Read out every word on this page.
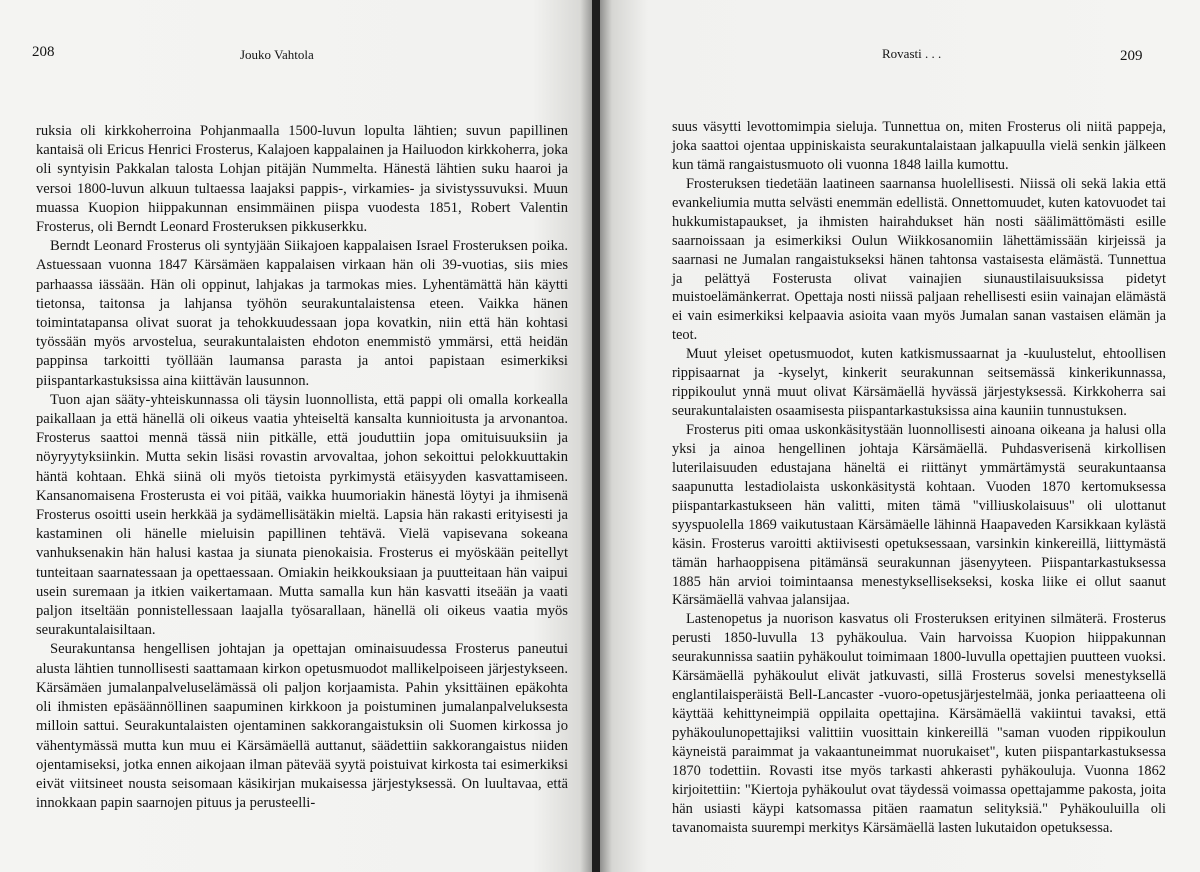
208	Jouko Vahtola

ruksia oli kirkkoherroina Pohjanmaalla 1500-luvun lopulta lähtien; suvun papillinen kantaisä oli Ericus Henrici Frosterus, Kalajoen kappalainen ja Hailuodon kirkkoherra, joka oli syntyisin Pakkalan talosta Lohjan pitäjän Nummelta. Hänestä lähtien suku haaroi ja versoi 1800-luvun alkuun tultaessa laajaksi pappis-, virkamies- ja sivistyssuvuksi. Muun muassa Kuopion hiippakunnan ensimmäinen piispa vuodesta 1851, Robert Valentin Frosterus, oli Berndt Leonard Frosteruksen pikkuserkku.

Berndt Leonard Frosterus oli syntyjään Siikajoen kappalaisen Israel Frosteruksen poika. Astuessaan vuonna 1847 Kärsämäen kappalaisen virkaan hän oli 39-vuotias, siis mies parhaassa iässään. Hän oli oppinut, lahjakas ja tarmokas mies. Lyhentämättä hän käytti tietonsa, taitonsa ja lahjansa työhön seurakuntalaistensa eteen. Vaikka hänen toimintatapansa olivat suorat ja tehokkuudessaan jopa kovatkin, niin että hän kohtasi työssään myös arvostelua, seurakuntalaisten ehdoton enemmistö ymmärsi, että heidän pappinsa tarkoitti työllään laumansa parasta ja antoi papistaan esimerkiksi piispantarkastuksissa aina kiittävän lausunnon.

Tuon ajan sääty-yhteiskunnassa oli täysin luonnollista, että pappi oli omalla korkealla paikallaan ja että hänellä oli oikeus vaatia yhteiseltä kansalta kunnioitusta ja arvonantoa. Frosterus saattoi mennä tässä niin pitkälle, että jouduttiin jopa omituisuuksiin ja nöyryytyksiinkin. Mutta sekin lisäsi rovastin arvovaltaa, johon sekoittui pelokkuuttakin häntä kohtaan. Ehkä siinä oli myös tietoista pyrkimystä etäisyyden kasvattamiseen. Kansanomaisena Frosterusta ei voi pitää, vaikka huumoriakin hänestä löytyi ja ihmisenä Frosterus osoitti usein herkkää ja sydämellisätäkin mieltä. Lapsia hän rakasti erityisesti ja kastaminen oli hänelle mieluisin papillinen tehtävä. Vielä vapisevana sokeana vanhuksenakin hän halusi kastaa ja siunata pienokaisia. Frosterus ei myöskään peitellyt tunteitaan saarnatessaan ja opettaessaan. Omiakin heikkouksiaan ja puutteitaan hän vaipui usein suremaan ja itkien vaikertamaan. Mutta samalla kun hän kasvatti itseään ja vaati paljon itseltään ponnistellessaan laajalla työsarallaan, hänellä oli oikeus vaatia myös seurakuntalaisiltaan.

Seurakuntansa hengellisen johtajan ja opettajan ominaisuudessa Frosterus paneutui alusta lähtien tunnollisesti saattamaan kirkon opetusmuodot mallikelpoiseen järjestykseen. Kärsämäen jumalanpalveluselämässä oli paljon korjaamista. Pahin yksittäinen epäkohta oli ihmisten epäsäännöllinen saapuminen kirkkoon ja poistuminen jumalanpalveluksesta milloin sattui. Seurakuntalaisten ojentaminen sakkorangaistuksin oli Suomen kirkossa jo vähentymässä mutta kun muu ei Kärsämäellä auttanut, säädettiin sakkorangaistus niiden ojentamiseksi, jotka ennen aikojaan ilman pätevää syytä poistuivat kirkosta tai esimerkiksi eivät viitsineet nousta seisomaan käsikirjan mukaisessa järjestyksessä. On luultavaa, että innokkaan papin saarnojen pituus ja perusteelli-

Rovasti . . .	209

suus väsytti levottomimpia sieluja. Tunnettua on, miten Frosterus oli niitä pappeja, joka saattoi ojentaa uppiniskaista seurakuntalaistaan jalkapuulla vielä senkin jälkeen kun tämä rangaistusmuoto oli vuonna 1848 lailla kumottu.

Frosteruksen tiedetään laatineen saarnansa huolellisesti. Niissä oli sekä lakia että evankeliumia mutta selvästi enemmän edellistä. Onnettomuudet, kuten katovuodet tai hukkumistapaukset, ja ihmisten hairahdukset hän nosti säälimättömästi esille saarnoissaan ja esimerkiksi Oulun Wiikkosanomiin lähettämissään kirjeissä ja saarnasi ne Jumalan rangaistukseksi hänen tahtonsa vastaisesta elämästä. Tunnettua ja pelättyä Fosterusta olivat vainajien siunaustilaisuuksissa pidetyt muistoelämänkerrat. Opettaja nosti niissä paljaan rehellisesti esiin vainajan elämästä ei vain esimerkiksi kelpaavia asioita vaan myös Jumalan sanan vastaisen elämän ja teot.

Muut yleiset opetusmuodot, kuten katkismussaarnat ja -kuulustelut, ehtoollisen rippisaarnat ja -kyselyt, kinkerit seurakunnan seitsemässä kinkerikunnassa, rippikoulut ynnä muut olivat Kärsämäellä hyvässä järjestyksessä. Kirkkoherra sai seurakuntalaisten osaamisesta piispantarkastuksissa aina kauniin tunnustuksen.

Frosterus piti omaa uskonkäsitystään luonnollisesti ainoana oikeana ja halusi olla yksi ja ainoa hengellinen johtaja Kärsämäellä. Puhdasverisenä kirkollisen luterilaisuuden edustajana häneltä ei riittänyt ymmärtämystä seurakuntaansa saapunutta lestadiolaista uskonkäsitystä kohtaan. Vuoden 1870 kertomuksessa piispantarkastukseen hän valitti, miten tämä "villiuskolaisuus" oli ulottanut syyspuolella 1869 vaikutustaan Kärsämäelle lähinnä Haapaveden Karsikkaan kylästä käsin. Frosterus varoitti aktiivisesti opetuksessaan, varsinkin kinkereillä, liittymästä tämän harhaoppisena pitämänsä seurakunnan jäsenyyteen. Piispantarkastuksessa 1885 hän arvioi toimintaansa menestyksellisekseksi, koska liike ei ollut saanut Kärsämäellä vahvaa jalansijaa.

Lastenopetus ja nuorison kasvatus oli Frosteruksen erityinen silmäterä. Frosterus perusti 1850-luvulla 13 pyhäkoulua. Vain harvoissa Kuopion hiippakunnan seurakunnissa saatiin pyhäkoulut toimimaan 1800-luvulla opettajien puutteen vuoksi. Kärsämäellä pyhäkoulut elivät jatkuvasti, sillä Frosterus sovelsi menestyksellä englantilaisperäistä Bell-Lancaster -vuoro-opetusjärjestelmää, jonka periaatteena oli käyttää kehittyneimpiä oppilaita opettajina. Kärsämäellä vakiintui tavaksi, että pyhäkoulunopettajiksi valittiin vuosittain kinkereillä "saman vuoden rippikoulun käyneistä paraimmat ja vakaantuneimmat nuorukaiset", kuten piispantarkastuksessa 1870 todettiin. Rovasti itse myös tarkasti ahkerasti pyhäkouluja. Vuonna 1862 kirjoitettiin: "Kiertoja pyhäkoulut ovat täydessä voimassa opettajamme pakosta, joita hän usiasti käypi katsomassa pitäen raamatun selityksiä." Pyhäkouluilla oli tavanomaista suurempi merkitys Kärsämäellä lasten lukutaidon opetuksessa.
